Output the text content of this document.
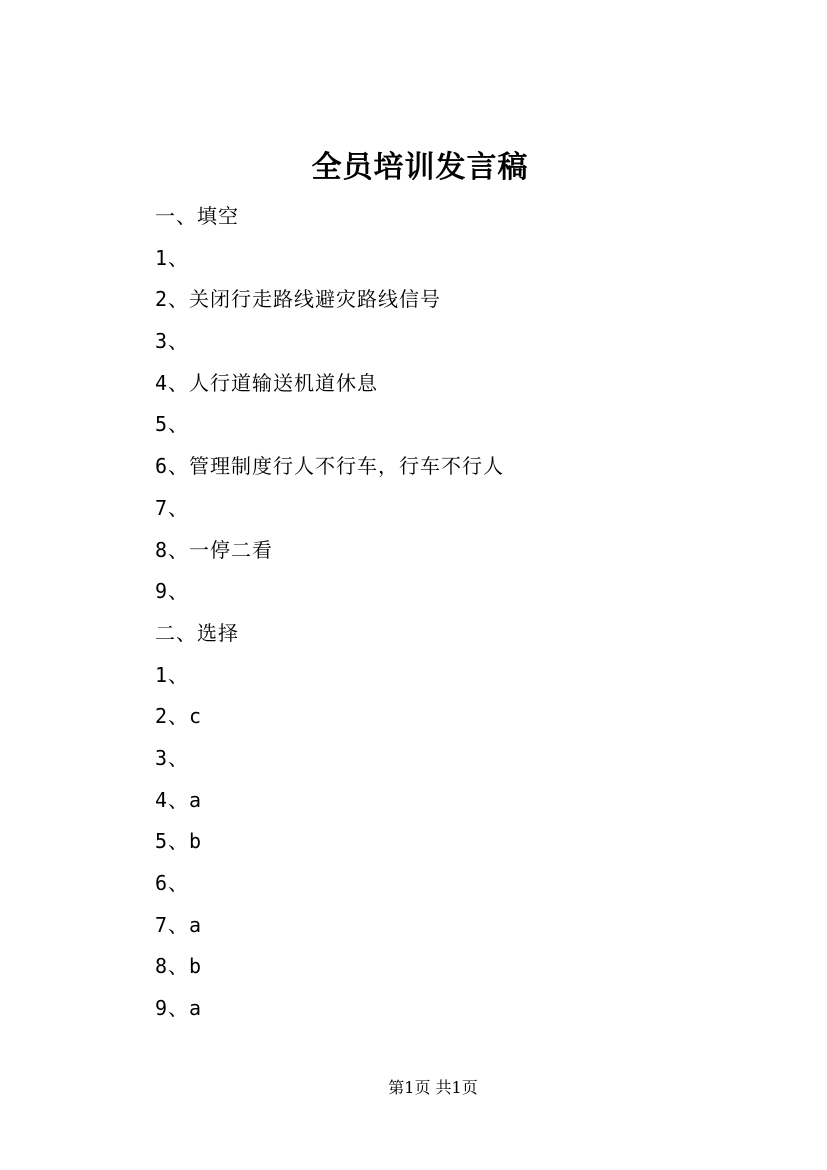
全员培训发言稿
一、填空
1、
2、关闭行走路线避灾路线信号
3、
4、人行道输送机道休息
5、
6、管理制度行人不行车，行车不行人
7、
8、一停二看
9、
二、选择
1、
2、c
3、
4、a
5、b
6、
7、a
8、b
9、a
第1页 共1页
